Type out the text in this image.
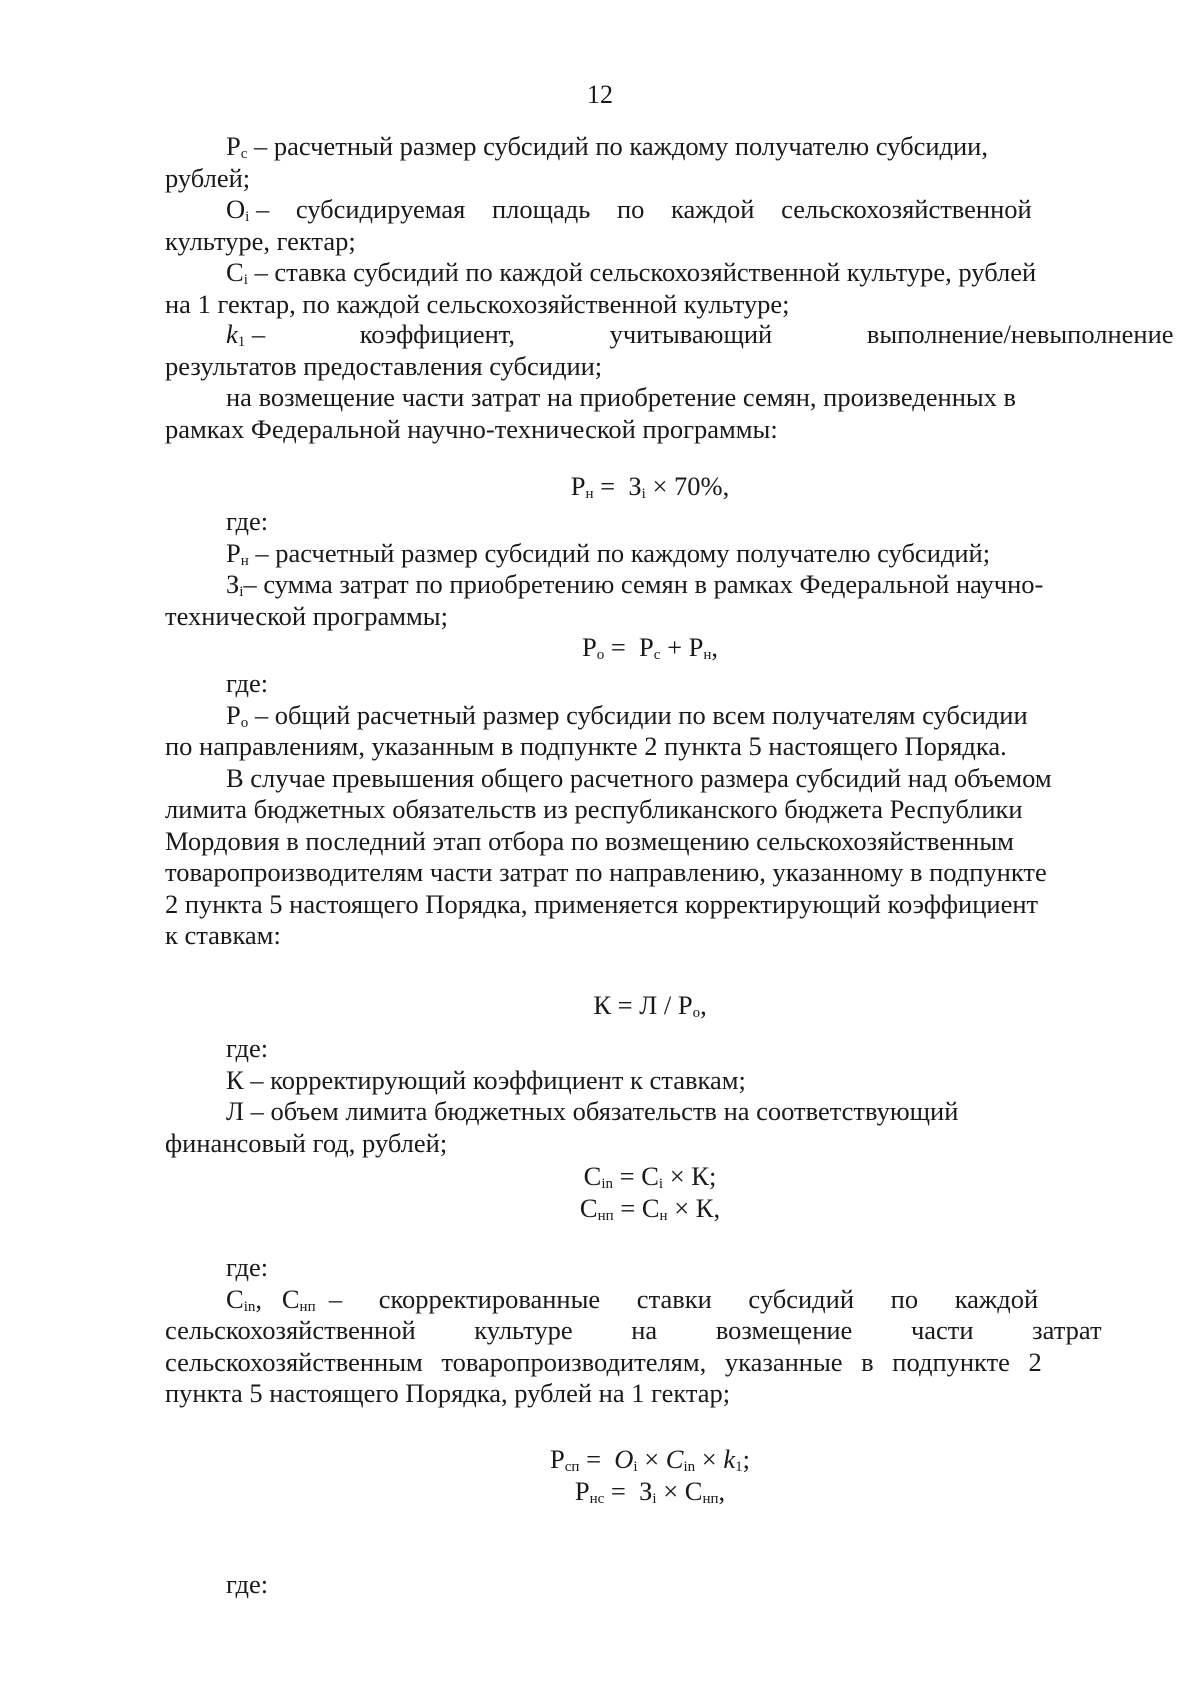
12
$Р_с$ – расчетный размер субсидий по каждому получателю субсидии,
рублей;
$О_i$ – субсидируемая площадь по каждой сельскохозяйственной
культуре, гектар;
$С_i$ – ставка субсидий по каждой сельскохозяйственной культуре, рублей
на 1 гектар, по каждой сельскохозяйственной культуре;
$k_1$ – коэффициент, учитывающий выполнение/невыполнение
результатов предоставления субсидии;
на возмещение части затрат на приобретение семян, произведенных в
рамках Федеральной научно-технической программы:
$Р_н = З_i \times 70\%$,
где:
$Р_н$ – расчетный размер субсидий по каждому получателю субсидий;
$З_i-$ сумма затрат по приобретению семян в рамках Федеральной научно-
технической программы;
$Р_о = Р_с + Р_н$,
где:
$Р_о$ – общий расчетный размер субсидии по всем получателям субсидии
по направлениям, указанным в подпункте 2 пункта 5 настоящего Порядка.
В случае превышения общего расчетного размера субсидий над объемом
лимита бюджетных обязательств из республиканского бюджета Республики
Мордовия в последний этап отбора по возмещению сельскохозяйственным
товаропроизводителям части затрат по направлению, указанному в подпункте
2 пункта 5 настоящего Порядка, применяется корректирующий коэффициент
к ставкам:
$К = Л / Р_о$,
где:
К – корректирующий коэффициент к ставкам;
Л – объем лимита бюджетных обязательств на соответствующий
финансовый год, рублей;
$С_{in} = С_i \times К$;
$С_{нп} = С_н \times К$,
где:
$С_{in}$,   $С_{нп}$ – скорректированные ставки субсидий по каждой
сельскохозяйственной культуре на возмещение части затрат
сельскохозяйственным товаропроизводителям, указанные в подпункте 2
пункта 5 настоящего Порядка, рублей на 1 гектар;
$Р_{сп} = О_i \times С_{in} \times k_1$;
$Р_{нс} = З_i \times С_{нп}$,
где:
